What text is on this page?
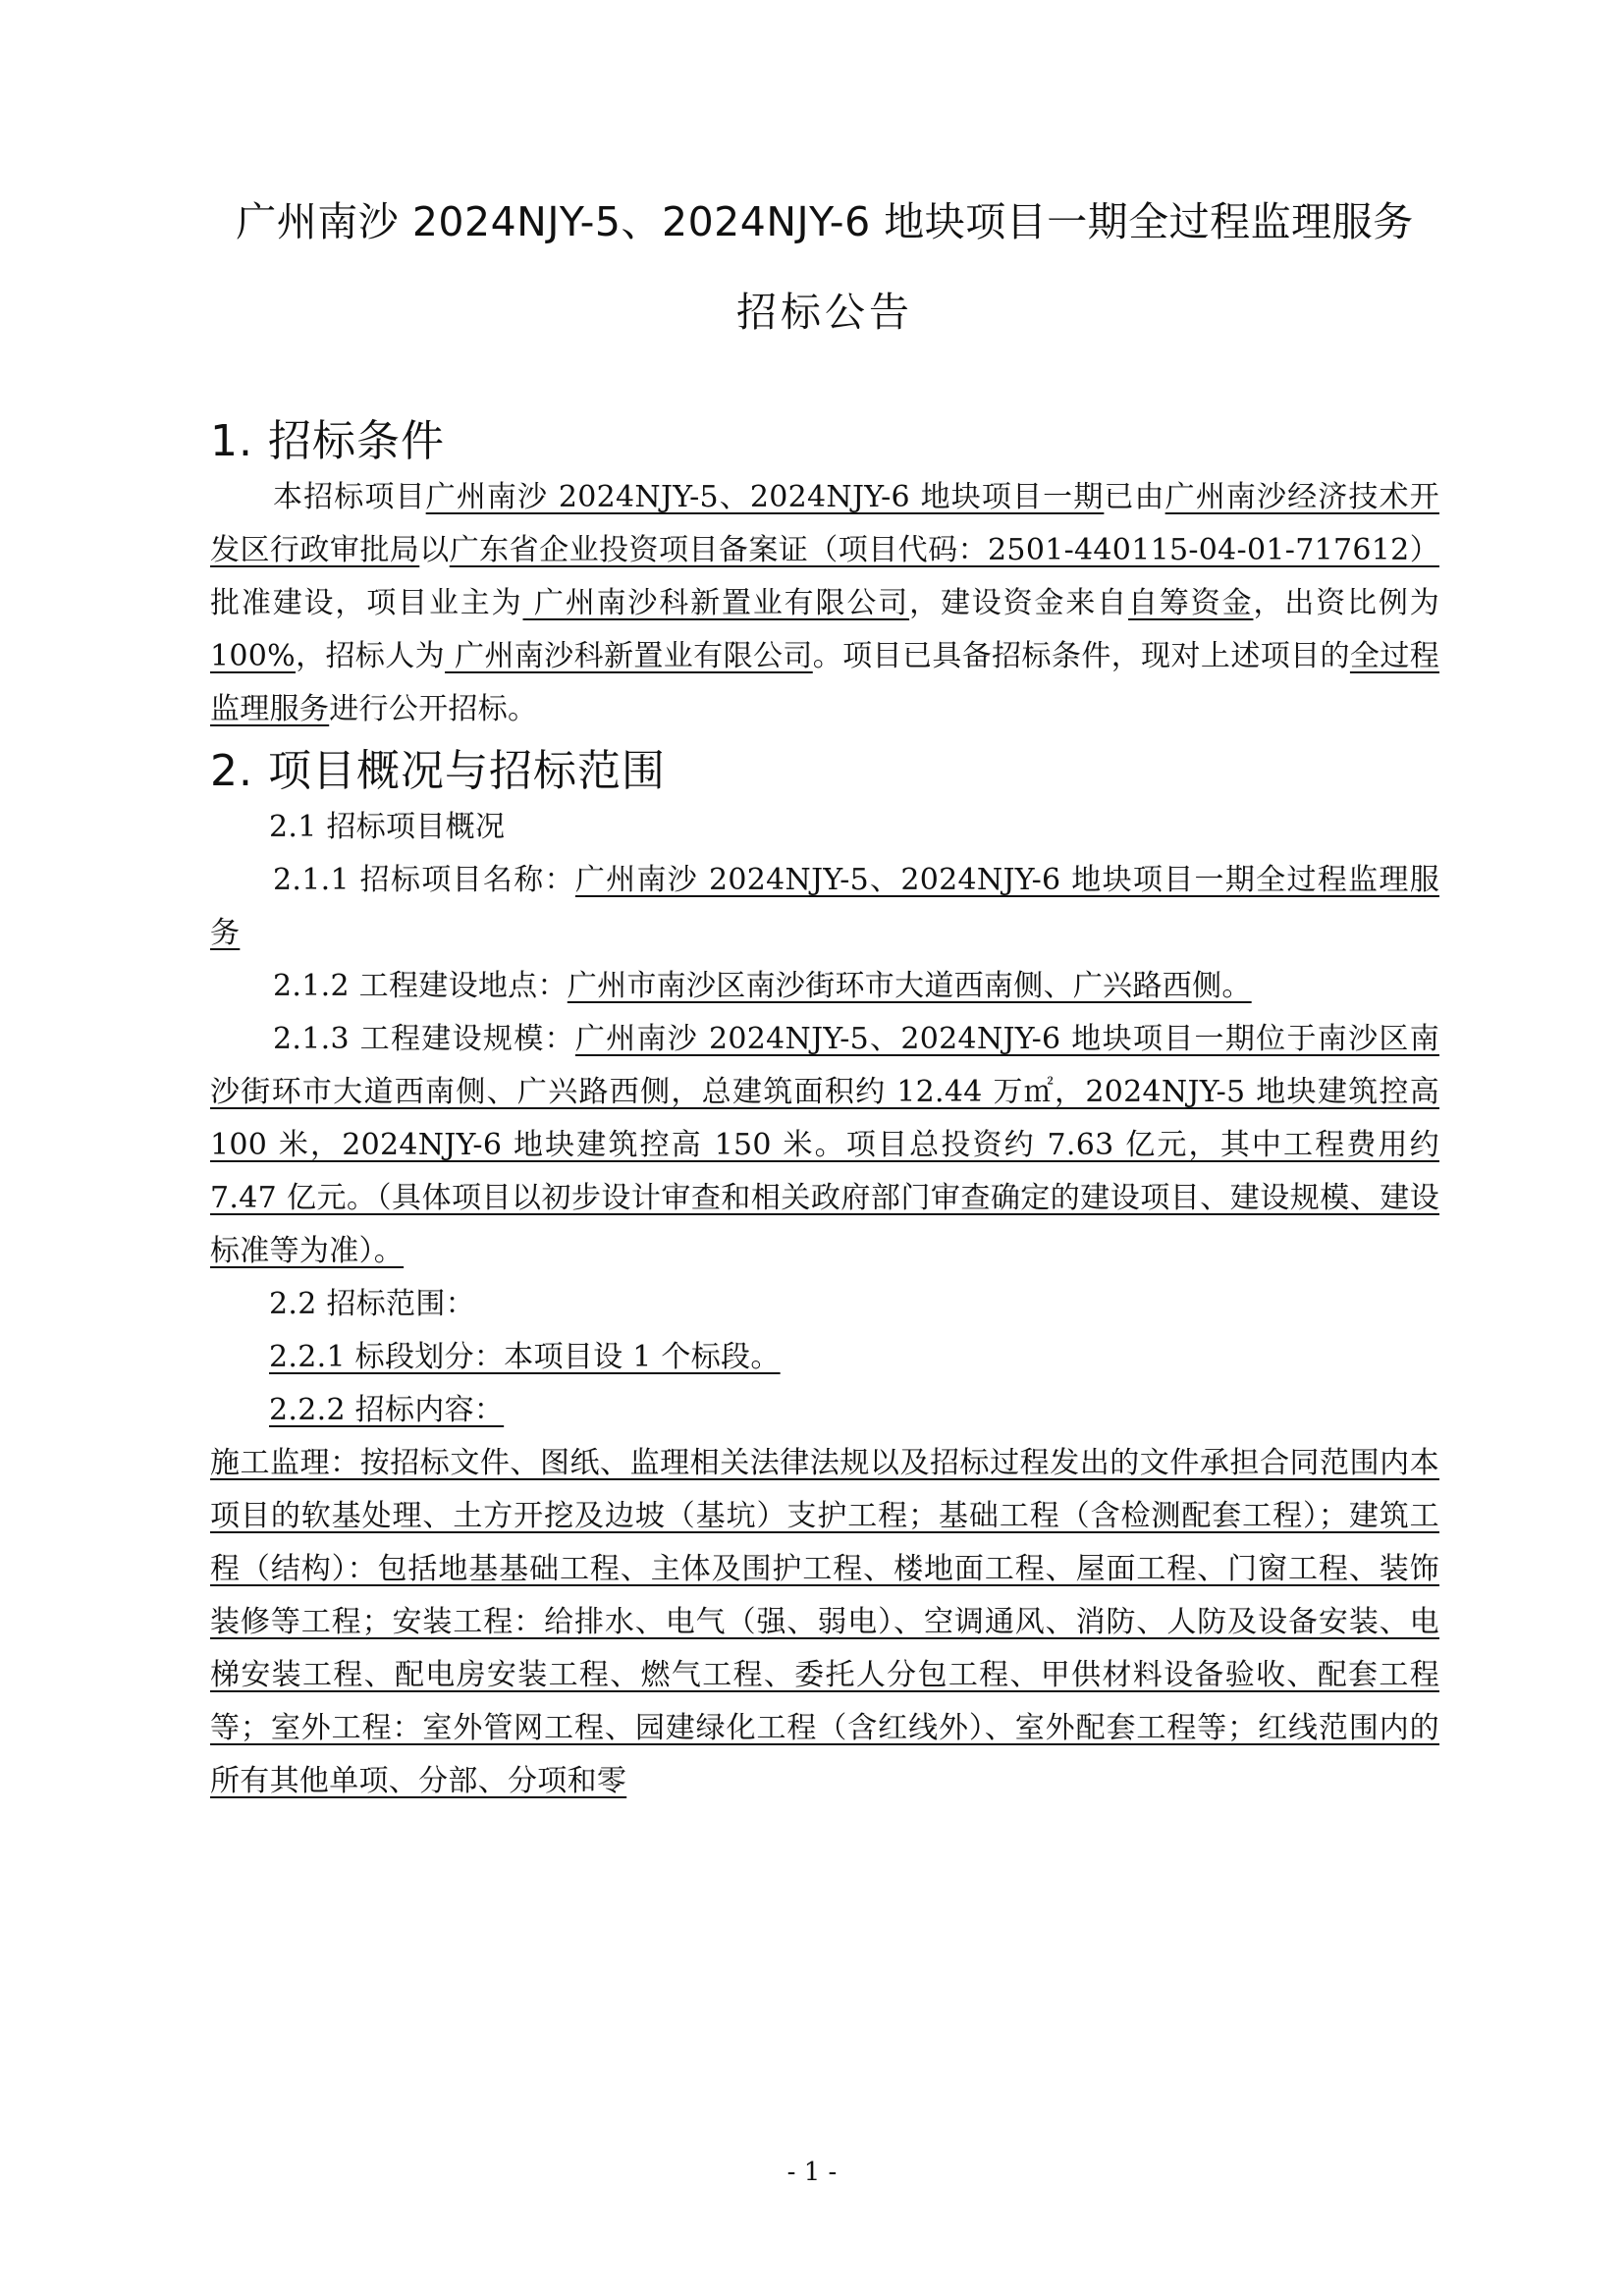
广州南沙 2024NJY-5、2024NJY-6 地块项目一期全过程监理服务

招标公告

1. 招标条件

本招标项目广州南沙 2024NJY-5、2024NJY-6 地块项目一期已由广州南沙经济技术开发区行政审批局以广东省企业投资项目备案证（项目代码：2501-440115-04-01-717612）批准建设，项目业主为 广州南沙科新置业有限公司，建设资金来自自筹资金，出资比例为100%，招标人为 广州南沙科新置业有限公司。项目已具备招标条件，现对上述项目的全过程监理服务进行公开招标。

2. 项目概况与招标范围

2.1 招标项目概况

2.1.1 招标项目名称：广州南沙 2024NJY-5、2024NJY-6 地块项目一期全过程监理服务

2.1.2 工程建设地点：广州市南沙区南沙街环市大道西南侧、广兴路西侧。

2.1.3 工程建设规模：广州南沙 2024NJY-5、2024NJY-6 地块项目一期位于南沙区南沙街环市大道西南侧、广兴路西侧，总建筑面积约 12.44 万㎡，2024NJY-5 地块建筑控高 100 米，2024NJY-6 地块建筑控高 150 米。项目总投资约 7.63 亿元，其中工程费用约 7.47 亿元。（具体项目以初步设计审查和相关政府部门审查确定的建设项目、建设规模、建设标准等为准）。

2.2 招标范围：

2.2.1 标段划分：本项目设 1 个标段。

2.2.2 招标内容：

施工监理：按招标文件、图纸、监理相关法律法规以及招标过程发出的文件承担合同范围内本项目的软基处理、土方开挖及边坡（基坑）支护工程；基础工程（含检测配套工程）；建筑工程（结构）：包括地基基础工程、主体及围护工程、楼地面工程、屋面工程、门窗工程、装饰装修等工程；安装工程：给排水、电气（强、弱电）、空调通风、消防、人防及设备安装、电梯安装工程、配电房安装工程、燃气工程、委托人分包工程、甲供材料设备验收、配套工程等；室外工程：室外管网工程、园建绿化工程（含红线外）、室外配套工程等；红线范围内的所有其他单项、分部、分项和零

- 1 -
